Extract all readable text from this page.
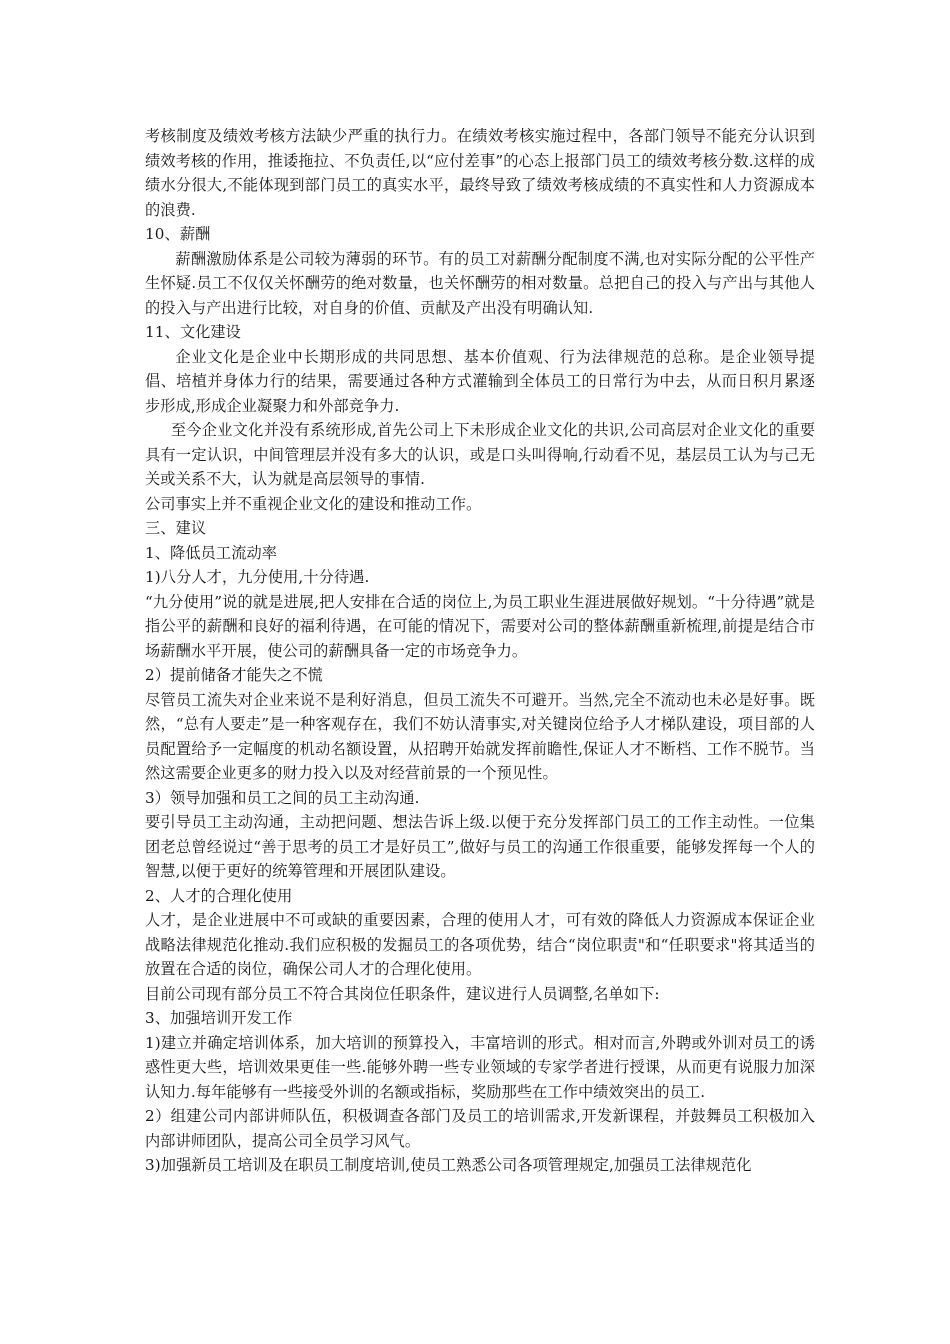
考核制度及绩效考核方法缺少严重的执行力。在绩效考核实施过程中，各部门领导不能充分认识到绩效考核的作用，推诿拖拉、不负责任,以“应付差事”的心态上报部门员工的绩效考核分数.这样的成绩水分很大,不能体现到部门员工的真实水平，最终导致了绩效考核成绩的不真实性和人力资源成本的浪费.

10、薪酬

薪酬激励体系是公司较为薄弱的环节。有的员工对薪酬分配制度不满,也对实际分配的公平性产生怀疑.员工不仅仅关怀酬劳的绝对数量，也关怀酬劳的相对数量。总把自己的投入与产出与其他人的投入与产出进行比较，对自身的价值、贡献及产出没有明确认知.

11、文化建设

企业文化是企业中长期形成的共同思想、基本价值观、行为法律规范的总称。是企业领导提倡、培植并身体力行的结果，需要通过各种方式灌输到全体员工的日常行为中去，从而日积月累逐步形成,形成企业凝聚力和外部竞争力.

至今企业文化并没有系统形成,首先公司上下未形成企业文化的共识,公司高层对企业文化的重要具有一定认识，中间管理层并没有多大的认识，或是口头叫得响,行动看不见，基层员工认为与己无关或关系不大，认为就是高层领导的事情.

公司事实上并不重视企业文化的建设和推动工作。

三、建议

1、降低员工流动率

1)八分人才，九分使用,十分待遇.

“九分使用”说的就是进展,把人安排在合适的岗位上,为员工职业生涯进展做好规划。“十分待遇”就是指公平的薪酬和良好的福利待遇，在可能的情况下，需要对公司的整体薪酬重新梳理,前提是结合市场薪酬水平开展，使公司的薪酬具备一定的市场竞争力。

2）提前储备才能失之不慌

尽管员工流失对企业来说不是利好消息，但员工流失不可避开。当然,完全不流动也未必是好事。既然，“总有人要走”是一种客观存在，我们不妨认清事实,对关键岗位给予人才梯队建设，项目部的人员配置给予一定幅度的机动名额设置，从招聘开始就发挥前瞻性,保证人才不断档、工作不脱节。当然这需要企业更多的财力投入以及对经营前景的一个预见性。

3）领导加强和员工之间的员工主动沟通.

要引导员工主动沟通，主动把问题、想法告诉上级.以便于充分发挥部门员工的工作主动性。一位集团老总曾经说过“善于思考的员工才是好员工”,做好与员工的沟通工作很重要，能够发挥每一个人的智慧,以便于更好的统筹管理和开展团队建设。

2、人才的合理化使用

人才，是企业进展中不可或缺的重要因素，合理的使用人才，可有效的降低人力资源成本保证企业战略法律规范化推动.我们应积极的发掘员工的各项优势，结合“岗位职责"和“任职要求"将其适当的放置在合适的岗位，确保公司人才的合理化使用。

目前公司现有部分员工不符合其岗位任职条件，建议进行人员调整,名单如下:

3、加强培训开发工作

1)建立并确定培训体系，加大培训的预算投入，丰富培训的形式。相对而言,外聘或外训对员工的诱惑性更大些，培训效果更佳一些.能够外聘一些专业领域的专家学者进行授课，从而更有说服力加深认知力.每年能够有一些接受外训的名额或指标，奖励那些在工作中绩效突出的员工.

2）组建公司内部讲师队伍，积极调查各部门及员工的培训需求,开发新课程，并鼓舞员工积极加入内部讲师团队，提高公司全员学习风气。

3)加强新员工培训及在职员工制度培训,使员工熟悉公司各项管理规定,加强员工法律规范化
